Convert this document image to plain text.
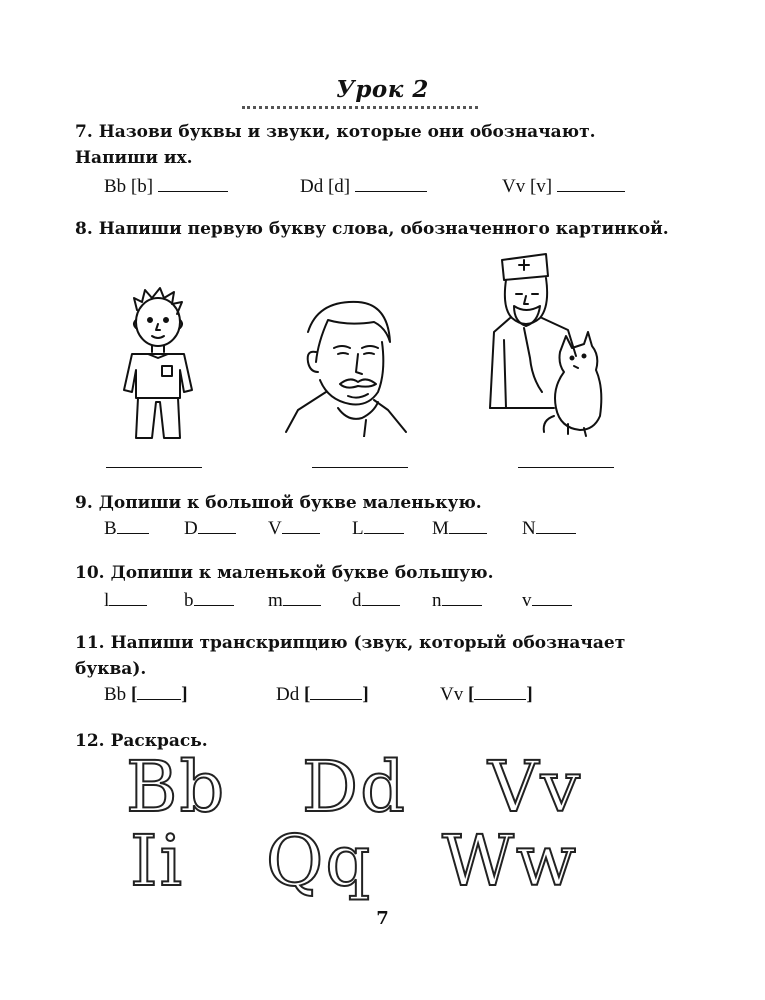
Урок 2
7. Назови буквы и звуки, которые они обозначают.
Напиши их.
Bb [b]	Dd [d]	Vv [v]
8. Напиши первую букву слова, обозначенного картинкой.
9. Допиши к большой букве маленькую.
B	D	V	L	M	N
10. Допиши к маленькой букве большую.
l	b	m	d	n	v
11. Напиши транскрипцию (звук, который обозначает
буква).
Bb [ ]	Dd [	]	Vv [	]
12. Раскрась.
Bb Dd Vv
Ii Qq Ww
7
